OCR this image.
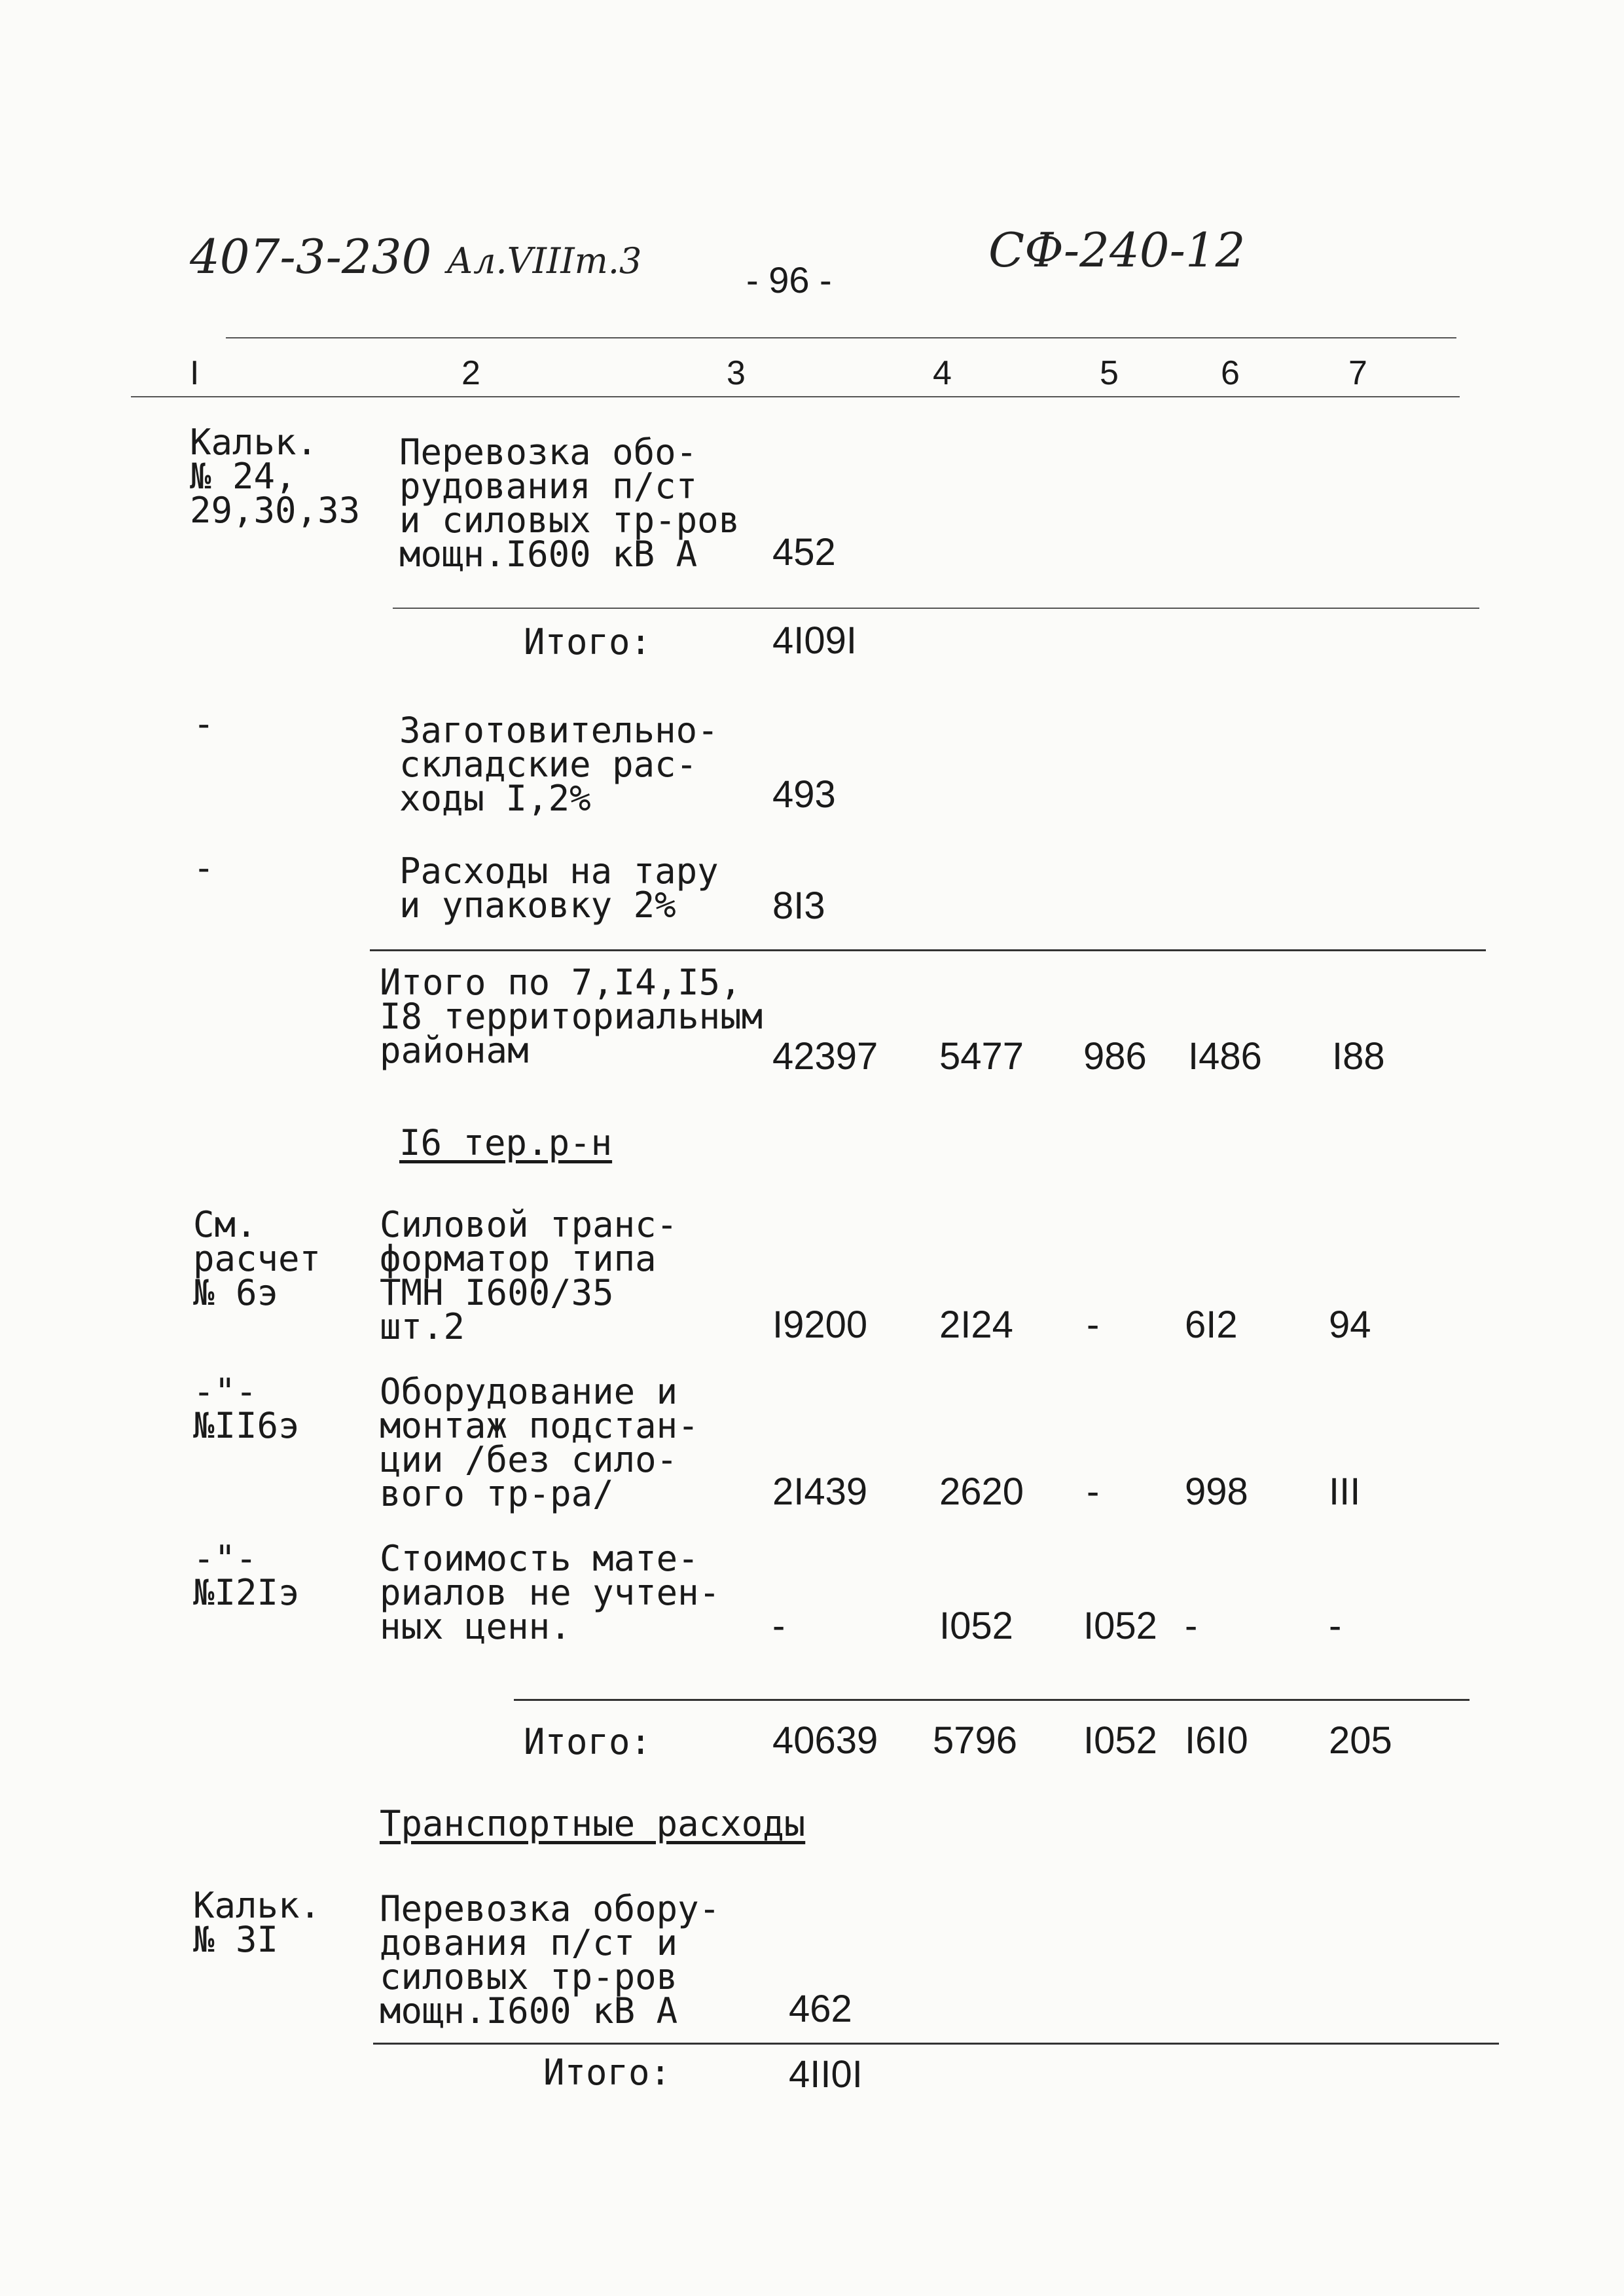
407-3-230 Ал.VIIIт.3	- 96 -
СФ-240-12
I	2	3	4	5	6	7
Кальк.
№ 24,
29,30,33
Перевозка обо-
рудования п/ст
и силовых тр-ров
мощн.I600 кВ А	452
Итого:	4I09I
-	Заготовительно-
складские рас-
ходы I,2%	493
-	Расходы на тару
и упаковку 2%	8I3
Итого по 7,I4,I5,
I8 территориальным
районам	42397 5477 986 I486 I88
I6 тер.р-н
См.
расчет
№ 6э
Силовой транс-
форматор типа
ТМН I600/35
шт.2	I9200 2I24 - 6I2 94
-"-
№II6э
Оборудование и
монтаж подстан-
ции /без сило-
вого тр-ра/	2I439 2620 - 998 III
-"-
№I2Iэ
Стоимость мате-
риалов не учтен-
ных ценн.	-	I052 I052 -	-
Итого:	40639 5796 I052 I6I0 205
Транспортные расходы
Кальк.
№ 3I
Перевозка обору-
дования п/ст и
силовых тр-ров
мощн.I600 кВ А	462
Итого:	4II0I
